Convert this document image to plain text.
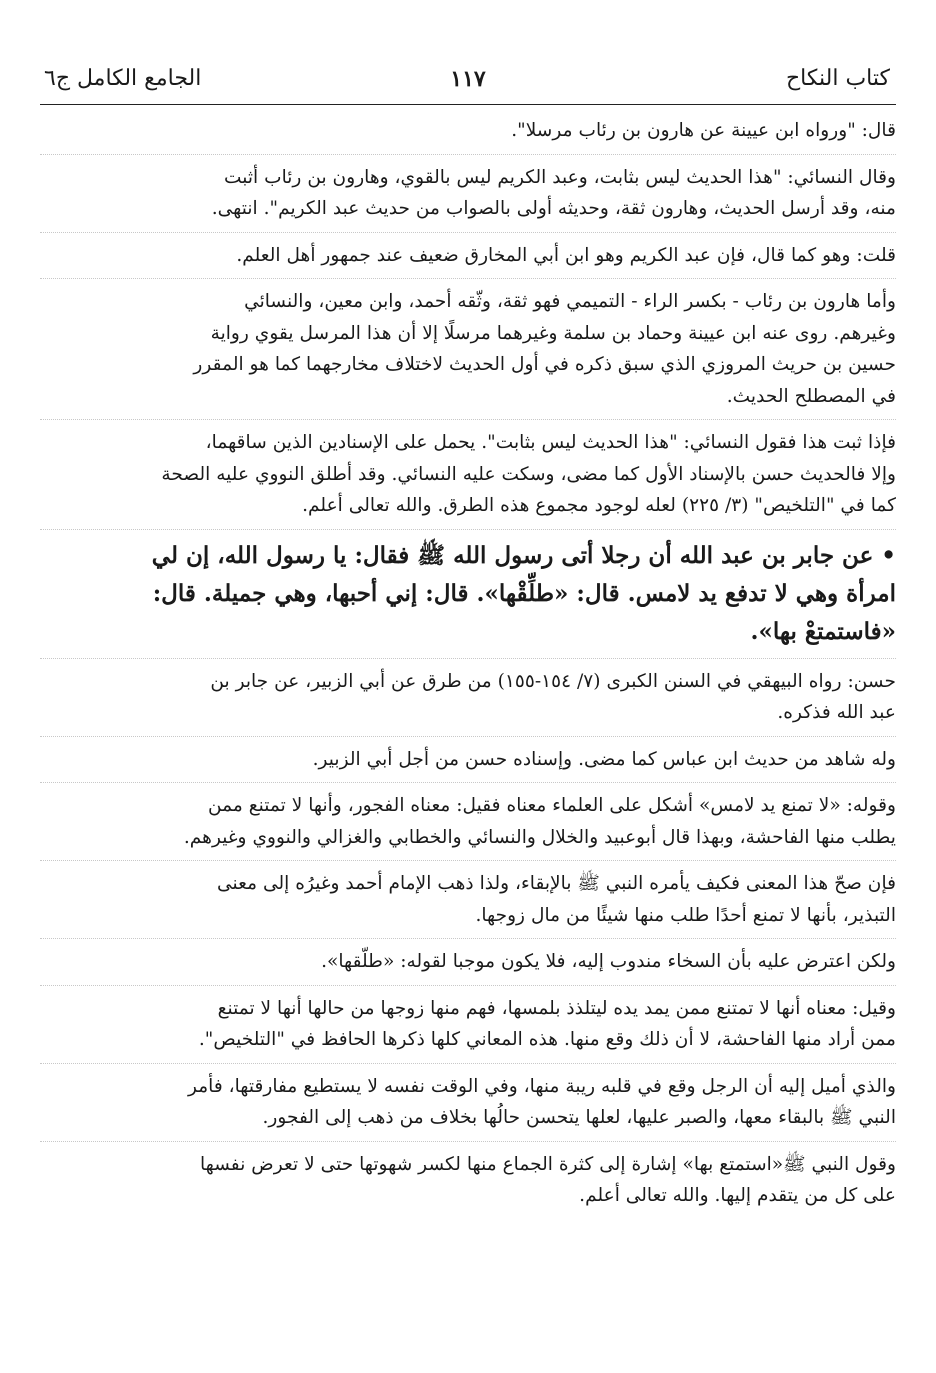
كتاب النكاح
١١٧
الجامع الكامل ج٦
قال: "ورواه ابن عيينة عن هارون بن رئاب مرسلا".
وقال النسائي: "هذا الحديث ليس بثابت، وعبد الكريم ليس بالقوي، وهارون بن رئاب أثبت
منه، وقد أرسل الحديث، وهارون ثقة، وحديثه أولى بالصواب من حديث عبد الكريم". انتهى.
قلت: وهو كما قال، فإن عبد الكريم وهو ابن أبي المخارق ضعيف عند جمهور أهل العلم.
وأما هارون بن رئاب - بكسر الراء - التميمي فهو ثقة، وثّقه أحمد، وابن معين، والنسائي
وغيرهم. روى عنه ابن عيينة وحماد بن سلمة وغيرهما مرسلًا إلا أن هذا المرسل يقوي رواية
حسين بن حريث المروزي الذي سبق ذكره في أول الحديث لاختلاف مخارجهما كما هو المقرر
في المصطلح الحديث.
فإذا ثبت هذا فقول النسائي: "هذا الحديث ليس بثابت". يحمل على الإسنادين الذين ساقهما،
وإلا فالحديث حسن بالإسناد الأول كما مضى، وسكت عليه النسائي. وقد أطلق النووي عليه الصحة
كما في "التلخيص" (٣/ ٢٢٥) لعله لوجود مجموع هذه الطرق. والله تعالى أعلم.
• عن جابر بن عبد الله أن رجلا أتى رسول الله ﷺ فقال: يا رسول الله، إن لي
امرأة وهي لا تدفع يد لامس. قال: «طلِّقْها». قال: إني أحبها، وهي جميلة. قال:
«فاستمتعْ بها».
حسن: رواه البيهقي في السنن الكبرى (٧/ ١٥٤-١٥٥) من طرق عن أبي الزبير، عن جابر بن
عبد الله فذكره.
وله شاهد من حديث ابن عباس كما مضى. وإسناده حسن من أجل أبي الزبير.
وقوله: «لا تمنع يد لامس» أشكل على العلماء معناه فقيل: معناه الفجور، وأنها لا تمتنع ممن
يطلب منها الفاحشة، وبهذا قال أبوعبيد والخلال والنسائي والخطابي والغزالي والنووي وغيرهم.
فإن صحّ هذا المعنى فكيف يأمره النبي ﷺ بالإبقاء، ولذا ذهب الإمام أحمد وغيرُه إلى معنى
التبذير، بأنها لا تمنع أحدًا طلب منها شيئًا من مال زوجها.
ولكن اعترض عليه بأن السخاء مندوب إليه، فلا يكون موجبا لقوله: «طلّقها».
وقيل: معناه أنها لا تمتنع ممن يمد يده ليتلذذ بلمسها، فهم منها زوجها من حالها أنها لا تمتنع
ممن أراد منها الفاحشة، لا أن ذلك وقع منها. هذه المعاني كلها ذكرها الحافظ في "التلخيص".
والذي أميل إليه أن الرجل وقع في قلبه ريبة منها، وفي الوقت نفسه لا يستطيع مفارقتها، فأمر
النبي ﷺ بالبقاء معها، والصبر عليها، لعلها يتحسن حالُها بخلاف من ذهب إلى الفجور.
وقول النبي ﷺ«استمتع بها» إشارة إلى كثرة الجماع منها لكسر شهوتها حتى لا تعرض نفسها
على كل من يتقدم إليها. والله تعالى أعلم.
